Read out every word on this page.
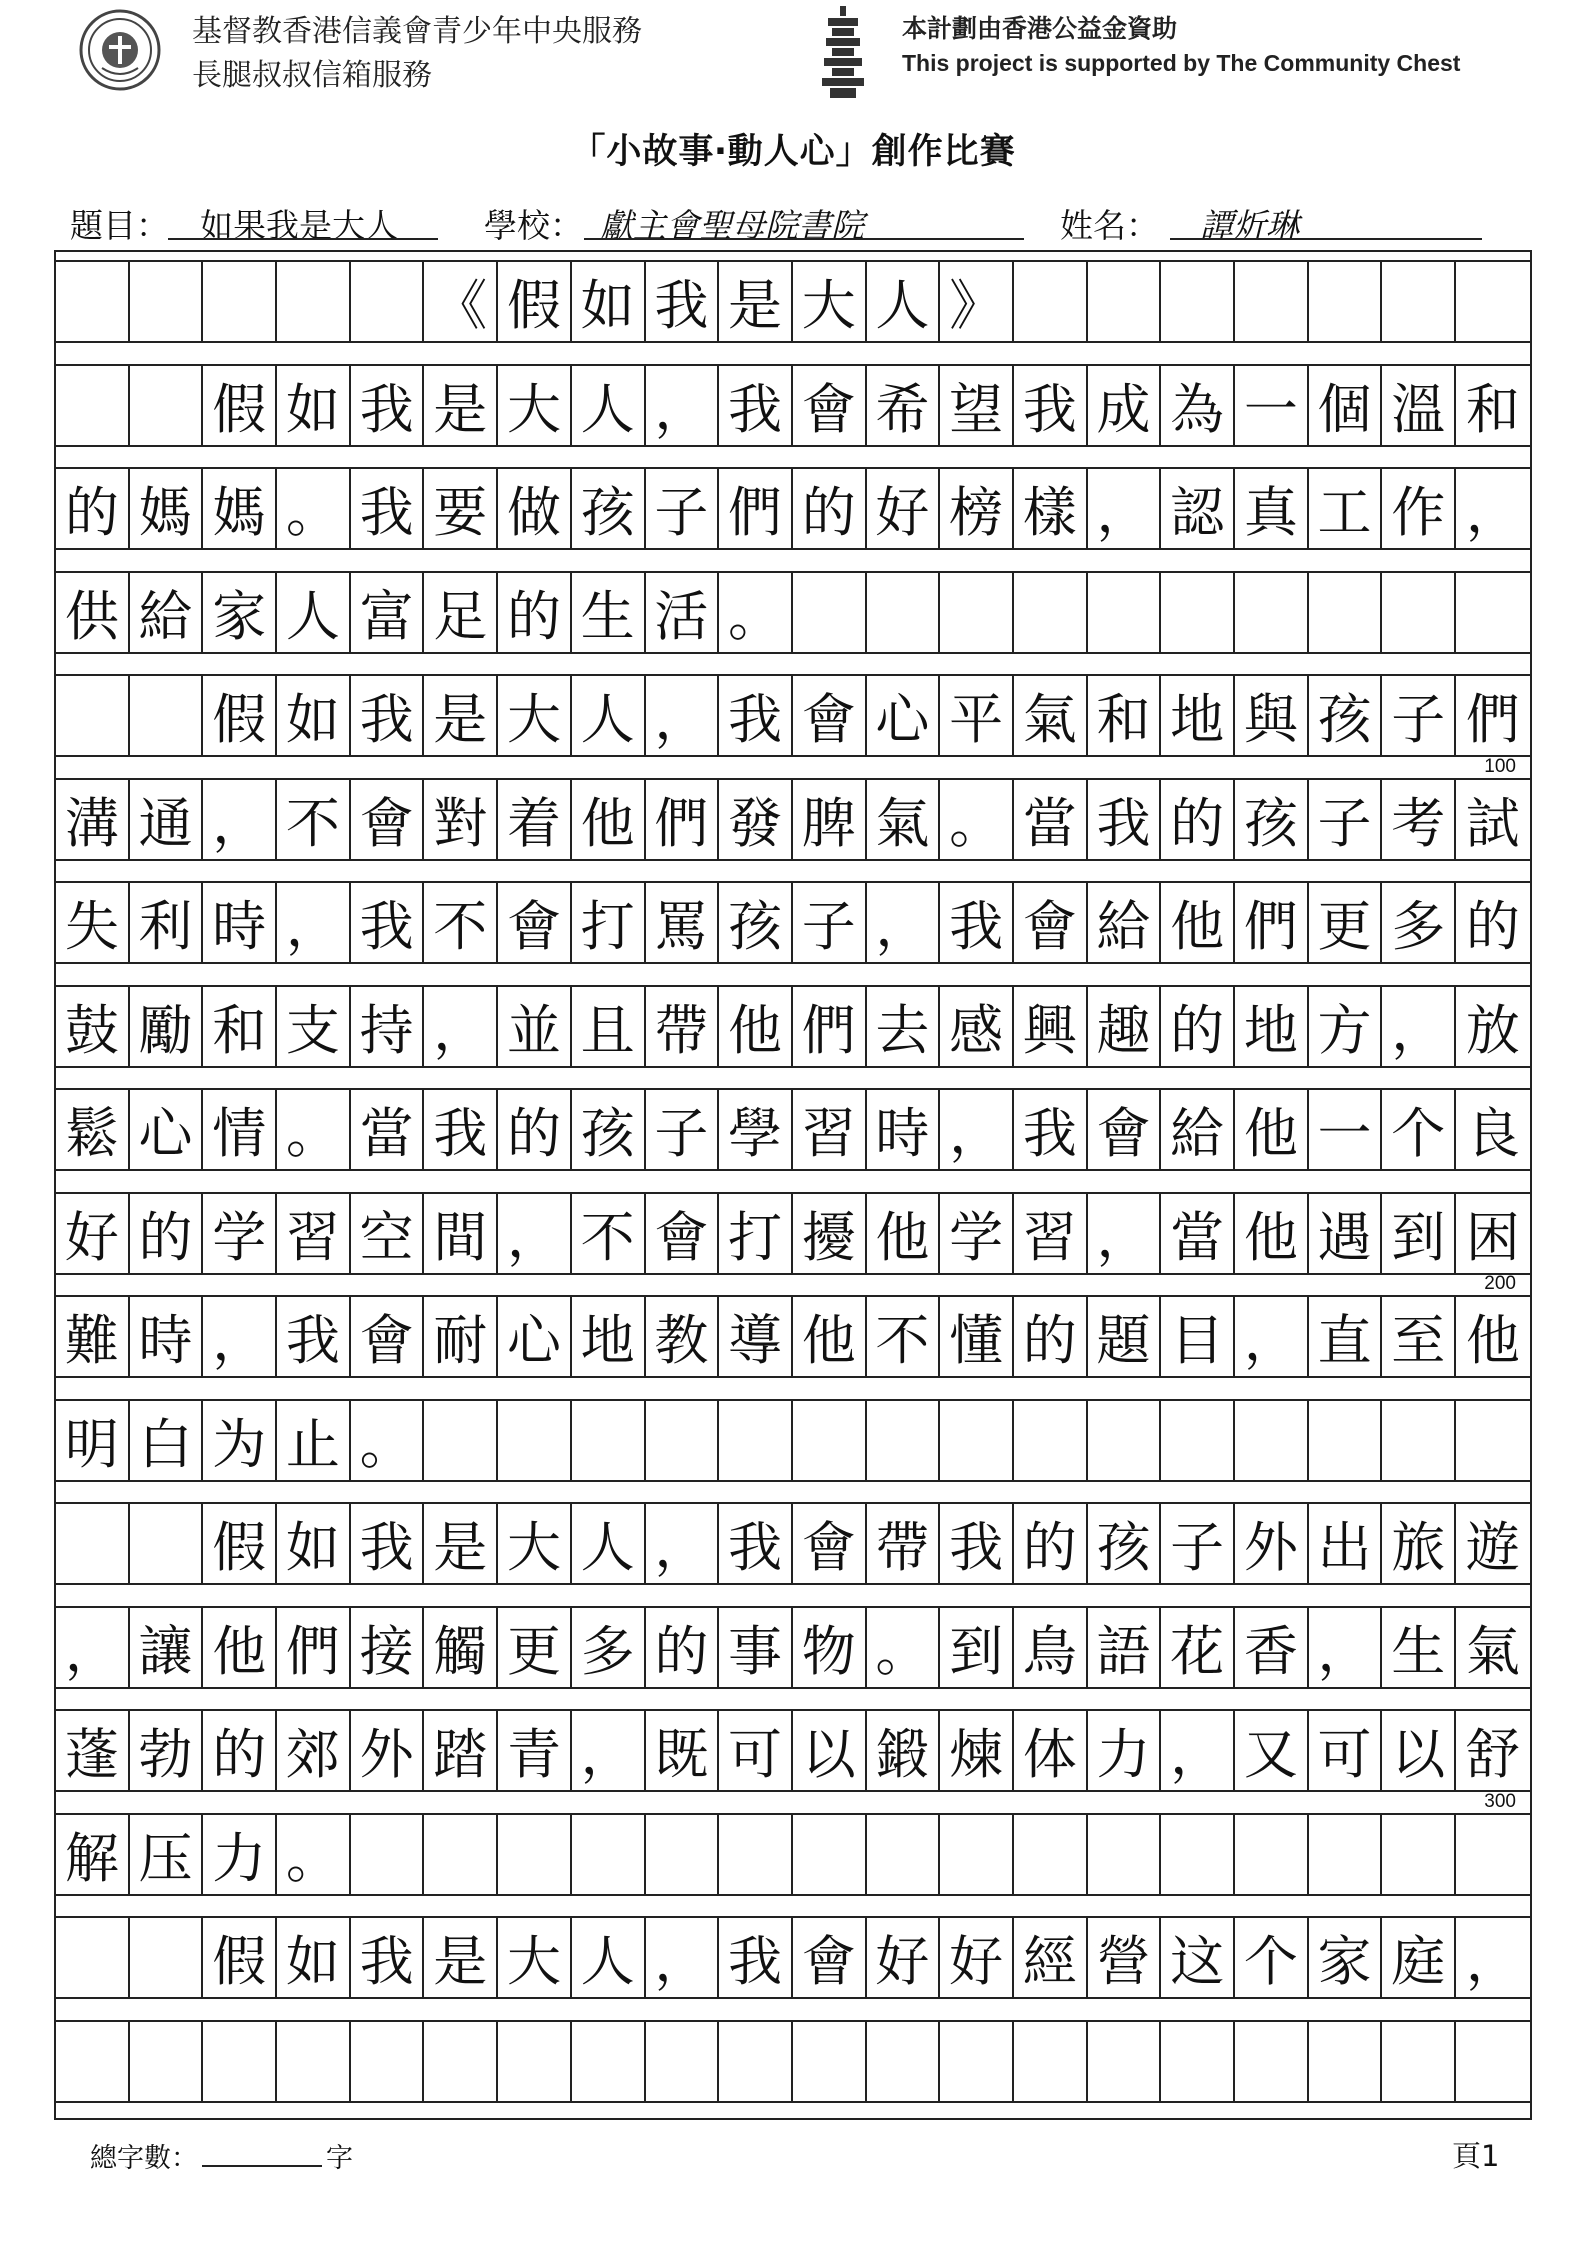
基督教香港信義會青少年中央服務
長腿叔叔信箱服務
本計劃由香港公益金資助
This project is supported by The Community Chest
「小故事‧動人心」創作比賽
題目： 如果我是大人	學校： 獻主會聖母院書院	姓名： 譚炘琳
《 假 如 我 是 大 人 》
假 如 我 是 大 人 ， 我 會 希 望 我 成 為 一 個 溫 和
的 媽 媽 。 我 要 做 孩 子 們 的 好 榜 樣 ， 認 真 工 作 ，
供 給 家 人 富 足 的 生 活 。
假 如 我 是 大 人 ， 我 會 心 平 氣 和 地 與 孩 子 們
溝 通 ， 不 會 對 着 他 們 發 脾 氣 。 當 我 的 孩 子 考 試
失 利 時 ， 我 不 會 打 罵 孩 子 ， 我 會 給 他 們 更 多 的
鼓 勵 和 支 持 ， 並 且 帶 他 們 去 感 興 趣 的 地 方 ， 放
鬆 心 情 。 當 我 的 孩 子 學 習 時 ， 我 會 給 他 一 个 良
好 的 学 習 空 間 ， 不 會 打 擾 他 学 習 ， 當 他 遇 到 困
難 時 ， 我 會 耐 心 地 教 導 他 不 懂 的 題 目 ， 直 至 他
明 白 为 止 。
假 如 我 是 大 人 ， 我 會 帶 我 的 孩 子 外 出 旅 遊
， 讓 他 們 接 觸 更 多 的 事 物 。 到 鳥 語 花 香 ， 生 氣
蓬 勃 的 郊 外 踏 青 ， 既 可 以 鍛 煉 体 力 ， 又 可 以 舒
解 压 力 。
假 如 我 是 大 人 ， 我 會 好 好 經 營 这 个 家 庭 ，
100
200
300
總字數：	字	頁1
